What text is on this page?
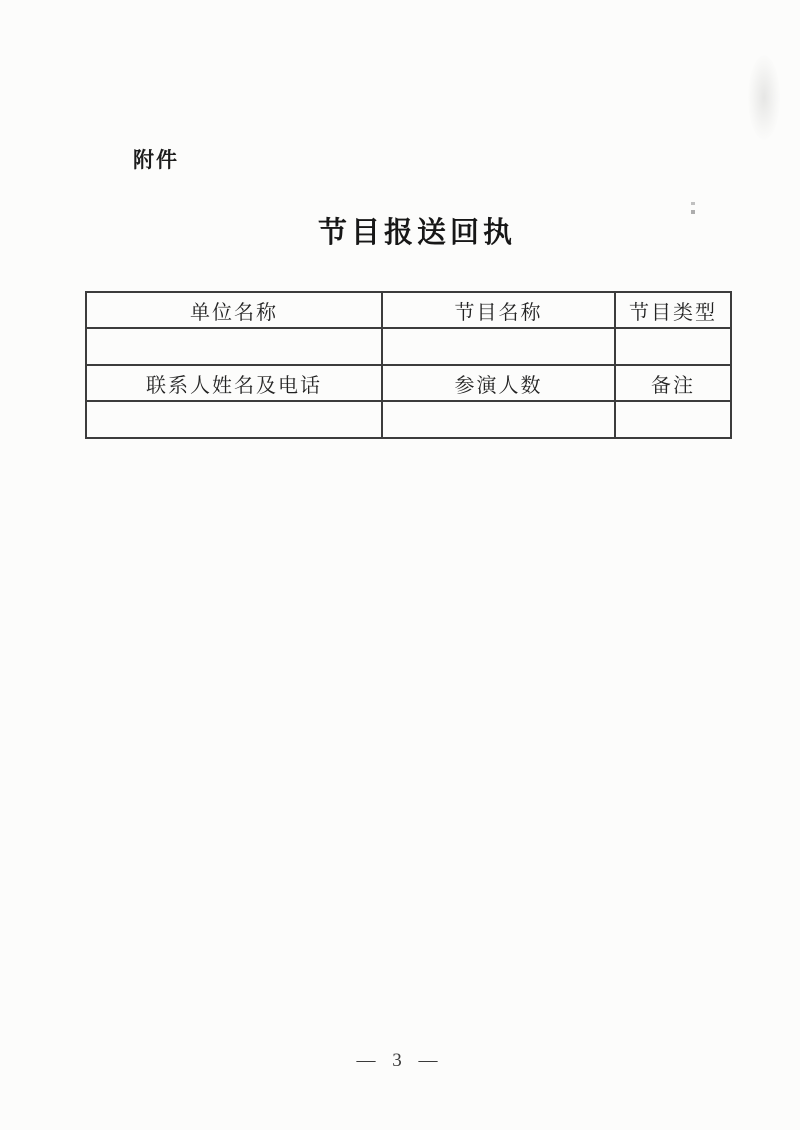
附件
节目报送回执
单位名称	节目名称	节目类型

联系人姓名及电话	参演人数	备注

— 3 —
